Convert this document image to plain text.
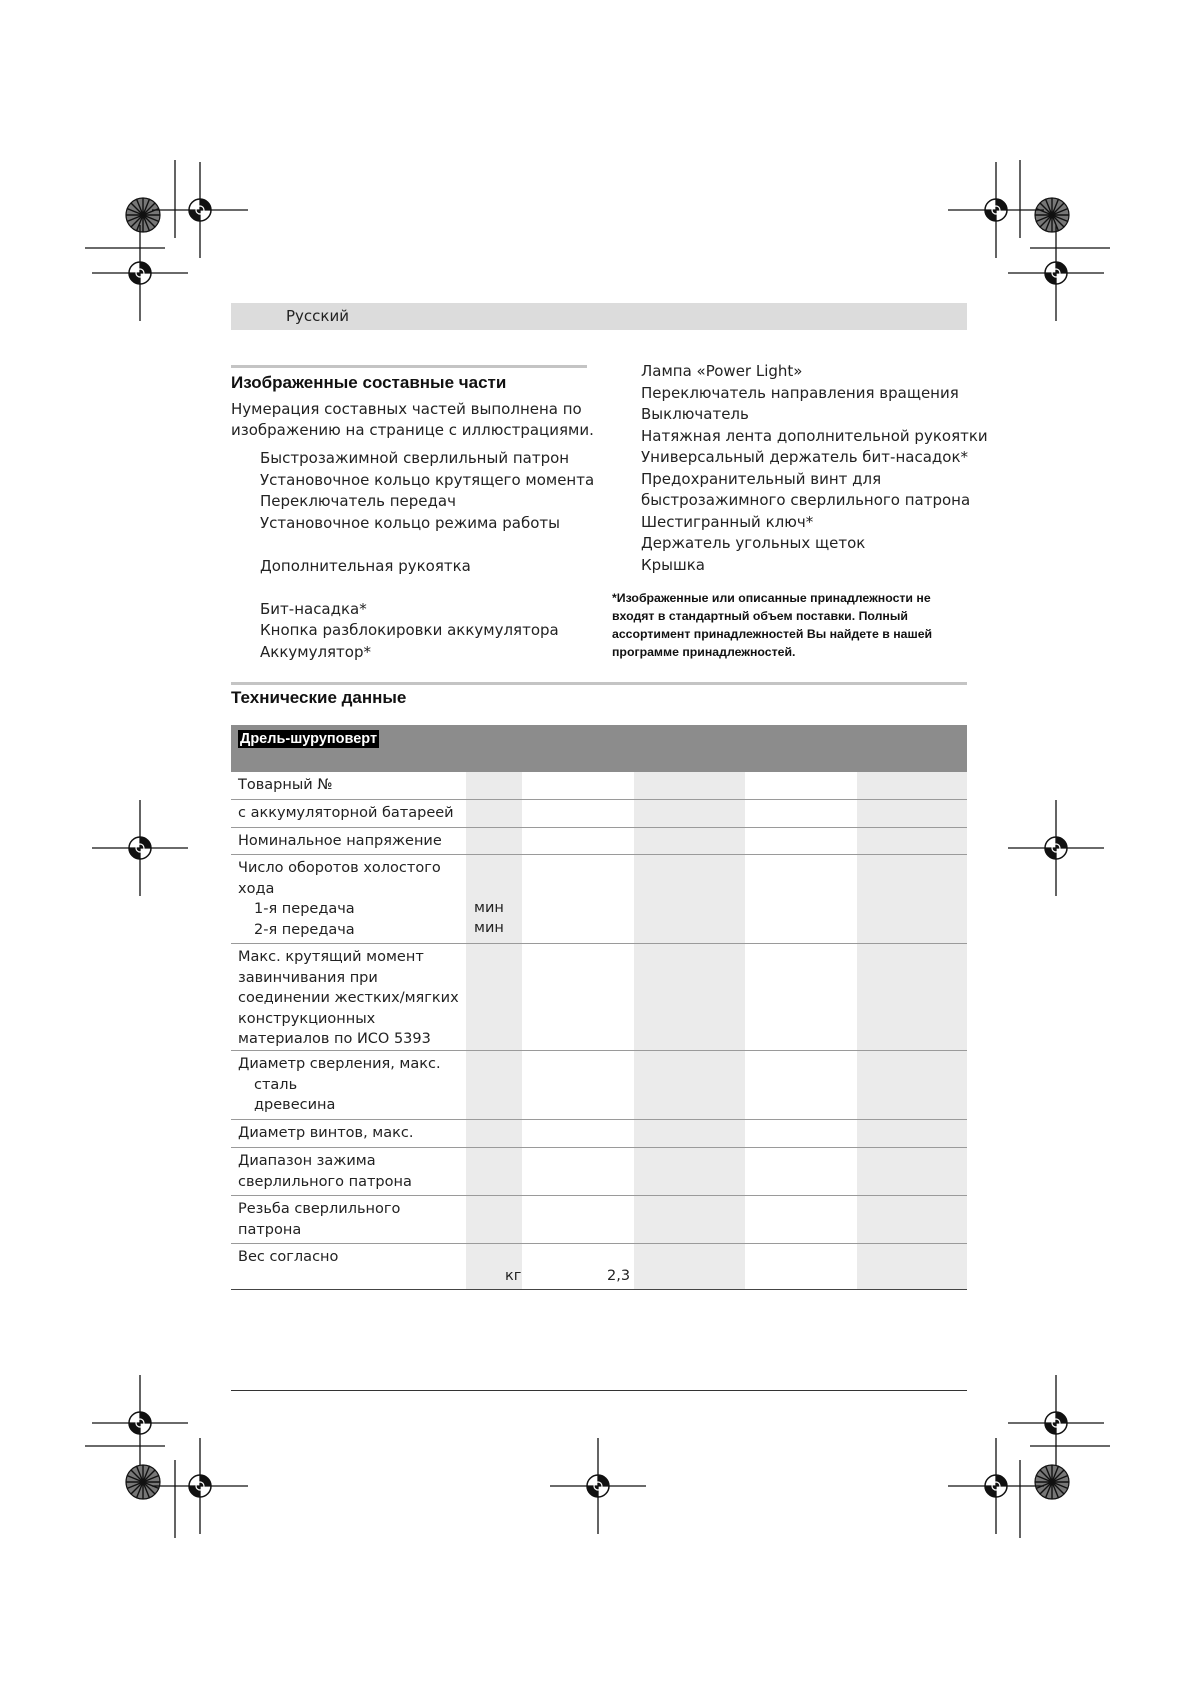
Русский
Изображенные составные части
Нумерация составных частей выполнена по
изображению на странице с иллюстрациями.
Быстрозажимной сверлильный патрон
Установочное кольцо крутящего момента
Переключатель передач
Установочное кольцо режима работы
Дополнительная рукоятка
Бит-насадка*
Кнопка разблокировки аккумулятора
Аккумулятор*
Лампа «Power Light»
Переключатель направления вращения
Выключатель
Натяжная лента дополнительной рукоятки
Универсальный держатель бит-насадок*
Предохранительный винт для
быстрозажимного сверлильного патрона
Шестигранный ключ*
Держатель угольных щеток
Крышка
*Изображенные или описанные принадлежности не
входят в стандартный объем поставки. Полный
ассортимент принадлежностей Вы найдете в нашей
программе принадлежностей.
Технические данные
Дрель-шуруповерт
Товарный №
с аккумуляторной батареей
Номинальное напряжение
Число оборотов холостого
хода
1-я передача
2-я передача
мин
мин
Макс. крутящий момент
завинчивания при
соединении жестких/мягких
конструкционных
материалов по ИСО 5393
Диаметр сверления, макс.
сталь
древесина
Диаметр винтов, макс.
Диапазон зажима
сверлильного патрона
Резьба сверлильного
патрона
Вес согласно
кг	2,3
